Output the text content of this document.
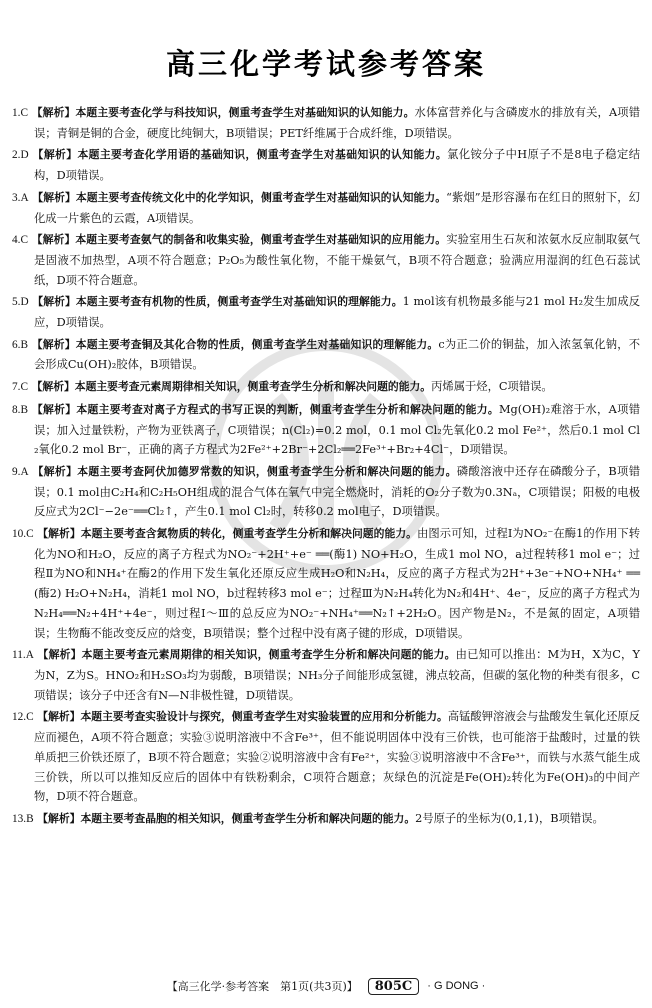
高三化学考试参考答案
1.C 【解析】本题主要考查化学与科技知识，侧重考查学生对基础知识的认知能力。水体富营养化与含磷废水的排放有关，A项错误；青铜是铜的合金，硬度比纯铜大，B项错误；PET纤维属于合成纤维，D项错误。
2.D 【解析】本题主要考查化学用语的基础知识，侧重考查学生对基础知识的认知能力。氯化铵分子中H原子不是8电子稳定结构，D项错误。
3.A 【解析】本题主要考查传统文化中的化学知识，侧重考查学生对基础知识的认知能力。“紫烟”是形容瀑布在红日的照射下，幻化成一片紫色的云霞，A项错误。
4.C 【解析】本题主要考查氨气的制备和收集实验，侧重考查学生对基础知识的应用能力。实验室用生石灰和浓氨水反应制取氨气是固液不加热型，A项不符合题意；P₂O₅为酸性氧化物，不能干燥氨气，B项不符合题意；验满应用湿润的红色石蕊试纸，D项不符合题意。
5.D 【解析】本题主要考查有机物的性质，侧重考查学生对基础知识的理解能力。1 mol该有机物最多能与21 mol H₂发生加成反应，D项错误。
6.B 【解析】本题主要考查铜及其化合物的性质，侧重考查学生对基础知识的理解能力。c为正二价的铜盐，加入浓氢氧化钠，不会形成Cu(OH)₂胶体，B项错误。
7.C 【解析】本题主要考查元素周期律相关知识，侧重考查学生分析和解决问题的能力。丙烯属于烃，C项错误。
8.B 【解析】本题主要考查对离子方程式的书写正误的判断，侧重考查学生分析和解决问题的能力。Mg(OH)₂难溶于水，A项错误；加入过量铁粉，产物为亚铁离子，C项错误；n(Cl₂)=0.2 mol，0.1 mol Cl₂先氧化0.2 mol Fe²⁺，然后0.1 mol Cl₂氧化0.2 mol Br⁻，正确的离子方程式为2Fe²⁺+2Br⁻+2Cl₂══2Fe³⁺+Br₂+4Cl⁻，D项错误。
9.A 【解析】本题主要考查阿伏加德罗常数的知识，侧重考查学生分析和解决问题的能力。磷酸溶液中还存在磷酸分子，B项错误；0.1 mol由C₂H₄和C₂H₅OH组成的混合气体在氧气中完全燃烧时，消耗的O₂分子数为0.3Nₐ，C项错误；阳极的电极反应式为2Cl⁻−2e⁻══Cl₂↑，产生0.1 mol Cl₂时，转移0.2 mol电子，D项错误。
10.C 【解析】本题主要考查含氮物质的转化，侧重考查学生分析和解决问题的能力。由图示可知，过程Ⅰ为NO₂⁻在酶1的作用下转化为NO和H₂O，反应的离子方程式为NO₂⁻+2H⁺+e⁻ ══(酶1) NO+H₂O，生成1 mol NO，a过程转移1 mol e⁻；过程Ⅱ为NO和NH₄⁺在酶2的作用下发生氧化还原反应生成H₂O和N₂H₄，反应的离子方程式为2H⁺+3e⁻+NO+NH₄⁺ ══(酶2) H₂O+N₂H₄，消耗1 mol NO，b过程转移3 mol e⁻；过程Ⅲ为N₂H₄转化为N₂和4H⁺、4e⁻，反应的离子方程式为N₂H₄══N₂+4H⁺+4e⁻，则过程Ⅰ～Ⅲ的总反应为NO₂⁻+NH₄⁺══N₂↑+2H₂O。因产物是N₂，不是氮的固定，A项错误；生物酶不能改变反应的焓变，B项错误；整个过程中没有离子键的形成，D项错误。
11.A 【解析】本题主要考查元素周期律的相关知识，侧重考查学生分析和解决问题的能力。由已知可以推出：M为H，X为C，Y为N，Z为S。HNO₂和H₂SO₃均为弱酸，B项错误；NH₃分子间能形成氢键，沸点较高，但碳的氢化物的种类有很多，C项错误；该分子中还含有N—N非极性键，D项错误。
12.C 【解析】本题主要考查实验设计与探究，侧重考查学生对实验装置的应用和分析能力。高锰酸钾溶液会与盐酸发生氧化还原反应而褪色，A项不符合题意；实验③说明溶液中不含Fe³⁺，但不能说明固体中没有三价铁，也可能溶于盐酸时，过量的铁单质把三价铁还原了，B项不符合题意；实验②说明溶液中含有Fe²⁺，实验③说明溶液中不含Fe³⁺，而铁与水蒸气能生成三价铁，所以可以推知反应后的固体中有铁粉剩余，C项符合题意；灰绿色的沉淀是Fe(OH)₂转化为Fe(OH)₃的中间产物，D项不符合题意。
13.B 【解析】本题主要考查晶胞的相关知识，侧重考查学生分析和解决问题的能力。2号原子的坐标为(0,1,1)，B项错误。
【高三化学·参考答案　第1页(共3页)】	805C	· G DONG ·
